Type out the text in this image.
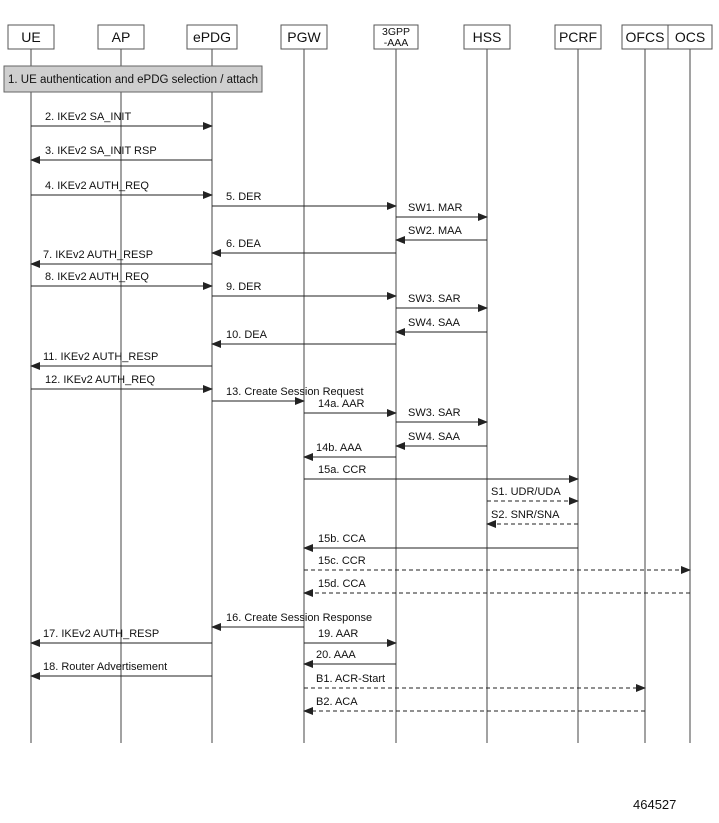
UE	AP	ePDG	PGW	3GPP
-AAA	HSS	PCRF OFCS OCS
1. UE authentication and ePDG selection / attach
2. IKEv2 SA_INIT
3. IKEv2 SA_INIT RSP
4. IKEv2 AUTH_REQ
5. DER
SW1. MAR
SW2. MAA
6. DEA
7. IKEv2 AUTH_RESP
8. IKEv2 AUTH_REQ
9. DER
SW3. SAR
SW4. SAA
10. DEA
11. IKEv2 AUTH_RESP
12. IKEv2 AUTH_REQ
13. Create Session Request
14a. AAR
SW3. SAR
SW4. SAA
14b. AAA
15a. CCR
S1. UDR/UDA
S2. SNR/SNA
15b. CCA
15c. CCR
15d. CCA
16. Create Session Response
17. IKEv2 AUTH_RESP	19. AAR
20. AAA
18. Router Advertisement
B1. ACR-Start
B2. ACA
464527
